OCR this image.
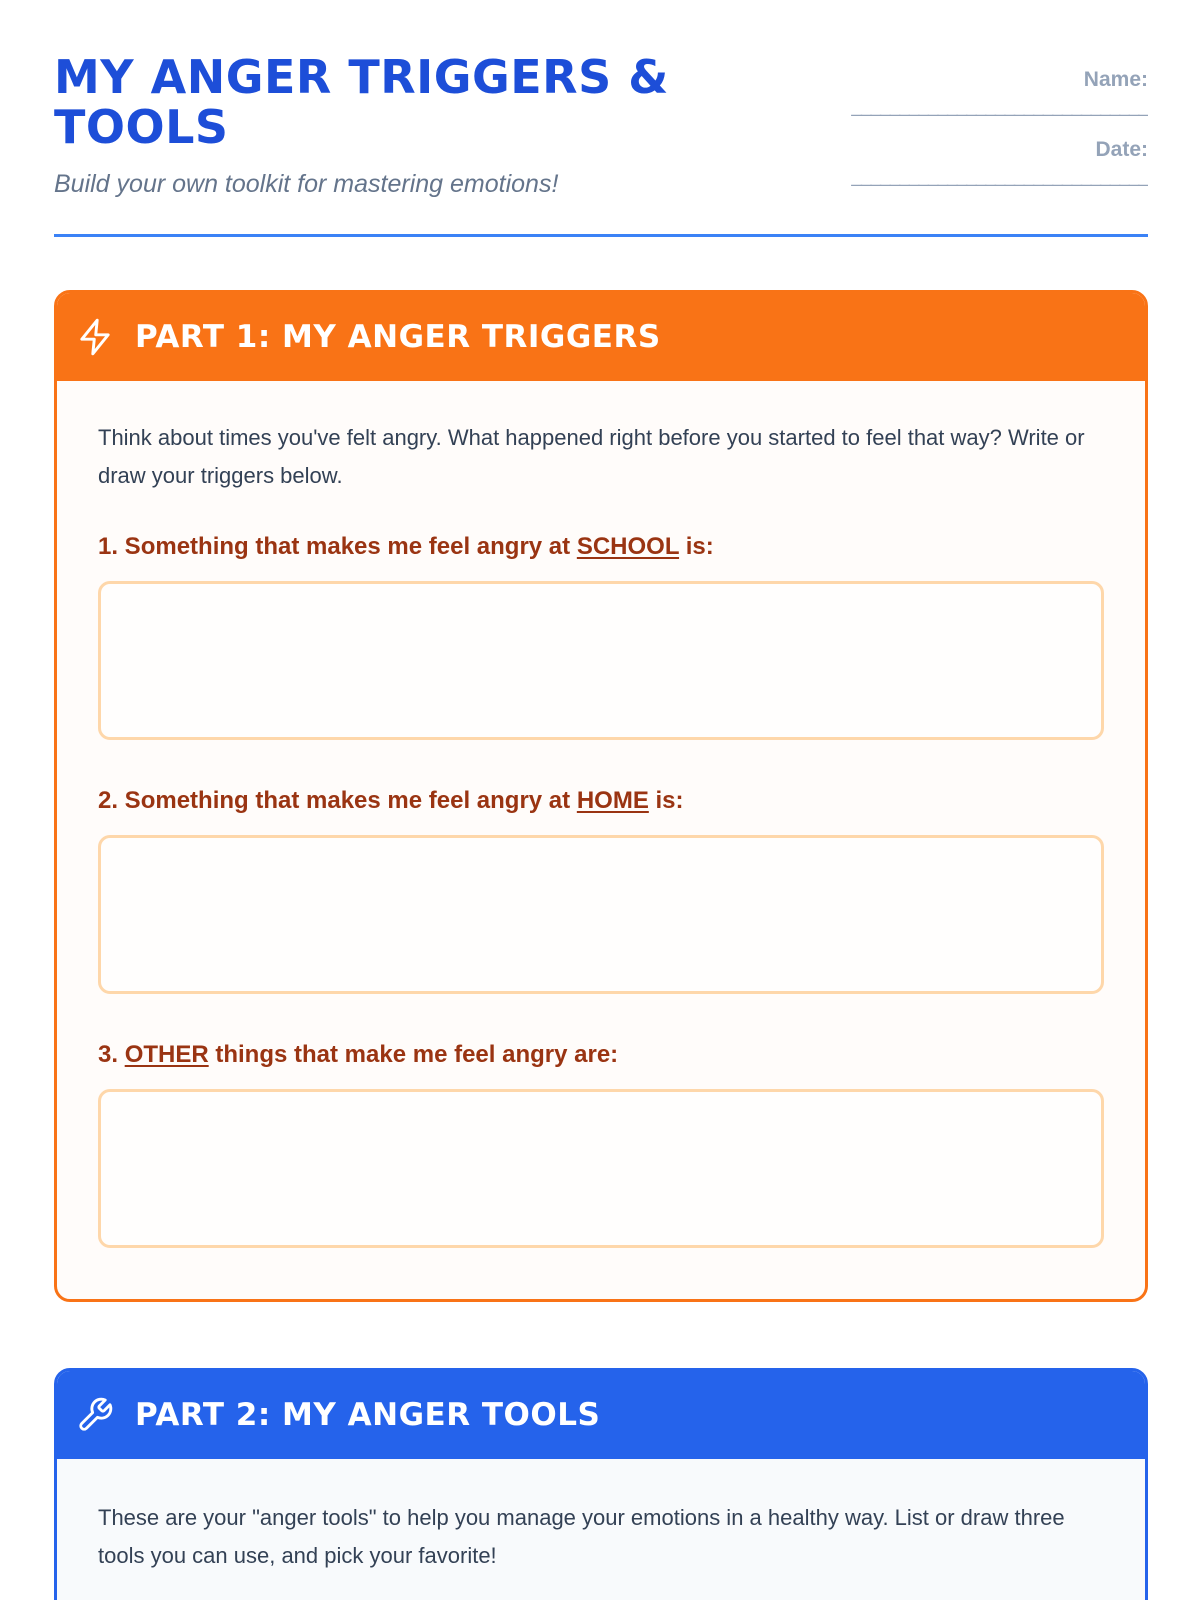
MY ANGER TRIGGERS & TOOLS
Build your own toolkit for mastering emotions!
Name:
_______________________________
Date:
_______________________________
PART 1: MY ANGER TRIGGERS
Think about times you've felt angry. What happened right before you started to feel that way? Write or draw your triggers below.
1. Something that makes me feel angry at SCHOOL is:
2. Something that makes me feel angry at HOME is:
3. OTHER things that make me feel angry are:
PART 2: MY ANGER TOOLS
These are your "anger tools" to help you manage your emotions in a healthy way. List or draw three tools you can use, and pick your favorite!
